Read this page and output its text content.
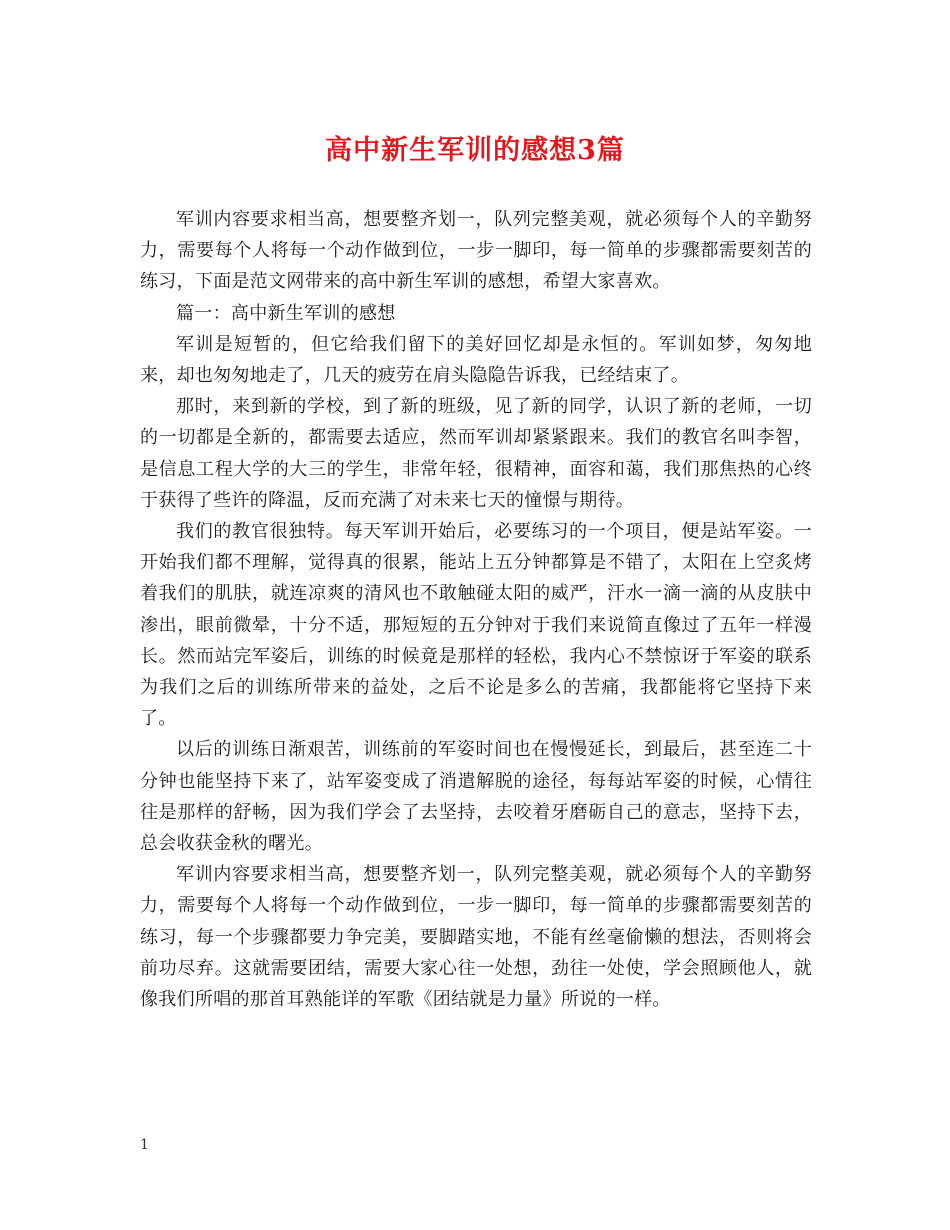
高中新生军训的感想3篇

军训内容要求相当高，想要整齐划一，队列完整美观，就必须每个人的辛勤努力，需要每个人将每一个动作做到位，一步一脚印，每一简单的步骤都需要刻苦的练习，下面是范文网带来的高中新生军训的感想，希望大家喜欢。

篇一：高中新生军训的感想

军训是短暂的，但它给我们留下的美好回忆却是永恒的。军训如梦，匆匆地来，却也匆匆地走了，几天的疲劳在肩头隐隐告诉我，已经结束了。

那时，来到新的学校，到了新的班级，见了新的同学，认识了新的老师，一切的一切都是全新的，都需要去适应，然而军训却紧紧跟来。我们的教官名叫李智，是信息工程大学的大三的学生，非常年轻，很精神，面容和蔼，我们那焦热的心终于获得了些许的降温，反而充满了对未来七天的憧憬与期待。

我们的教官很独特。每天军训开始后，必要练习的一个项目，便是站军姿。一开始我们都不理解，觉得真的很累，能站上五分钟都算是不错了，太阳在上空炙烤着我们的肌肤，就连凉爽的清风也不敢触碰太阳的威严，汗水一滴一滴的从皮肤中渗出，眼前微晕，十分不适，那短短的五分钟对于我们来说简直像过了五年一样漫长。然而站完军姿后，训练的时候竟是那样的轻松，我内心不禁惊讶于军姿的联系为我们之后的训练所带来的益处，之后不论是多么的苦痛，我都能将它坚持下来了。

以后的训练日渐艰苦，训练前的军姿时间也在慢慢延长，到最后，甚至连二十分钟也能坚持下来了，站军姿变成了消遣解脱的途径，每每站军姿的时候，心情往往是那样的舒畅，因为我们学会了去坚持，去咬着牙磨砺自己的意志，坚持下去，总会收获金秋的曙光。

军训内容要求相当高，想要整齐划一，队列完整美观，就必须每个人的辛勤努力，需要每个人将每一个动作做到位，一步一脚印，每一简单的步骤都需要刻苦的练习，每一个步骤都要力争完美，要脚踏实地，不能有丝毫偷懒的想法，否则将会前功尽弃。这就需要团结，需要大家心往一处想，劲往一处使，学会照顾他人，就像我们所唱的那首耳熟能详的军歌《团结就是力量》所说的一样。

1
